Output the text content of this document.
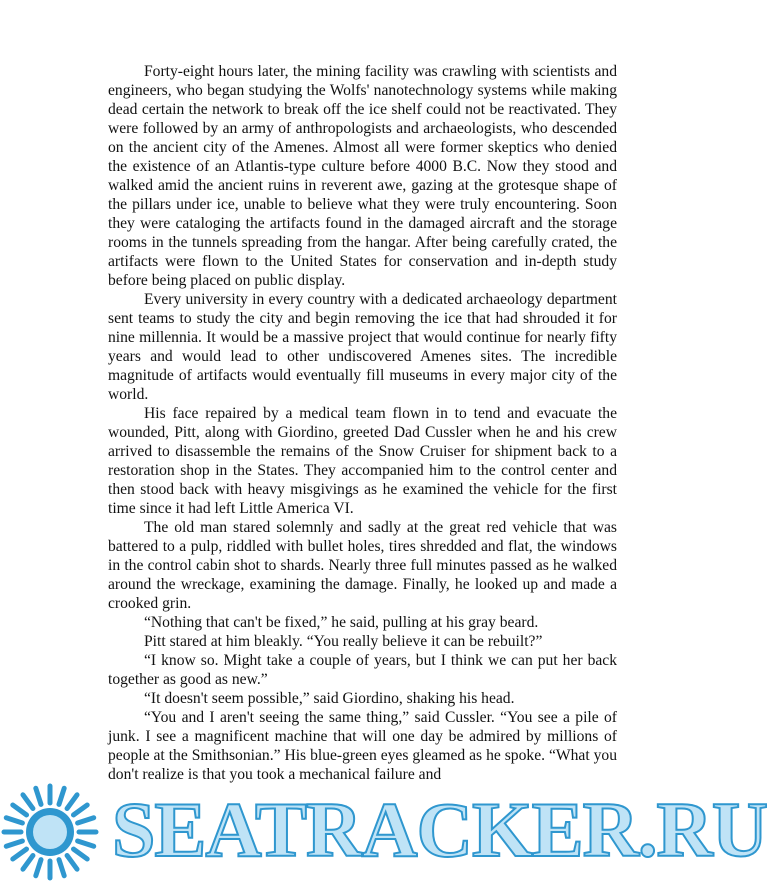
Forty-eight hours later, the mining facility was crawling with scientists and engineers, who began studying the Wolfs' nanotechnology systems while making dead certain the network to break off the ice shelf could not be reactivated. They were followed by an army of anthropologists and archaeologists, who descended on the ancient city of the Amenes. Almost all were former skeptics who denied the existence of an Atlantis-type culture before 4000 B.C. Now they stood and walked amid the ancient ruins in reverent awe, gazing at the grotesque shape of the pillars under ice, unable to believe what they were truly encountering. Soon they were cataloging the artifacts found in the damaged aircraft and the storage rooms in the tunnels spreading from the hangar. After being carefully crated, the artifacts were flown to the United States for conservation and in-depth study before being placed on public display.

Every university in every country with a dedicated archaeology department sent teams to study the city and begin removing the ice that had shrouded it for nine millennia. It would be a massive project that would continue for nearly fifty years and would lead to other undiscovered Amenes sites. The incredible magnitude of artifacts would eventually fill museums in every major city of the world.

His face repaired by a medical team flown in to tend and evacuate the wounded, Pitt, along with Giordino, greeted Dad Cussler when he and his crew arrived to disassemble the remains of the Snow Cruiser for shipment back to a restoration shop in the States. They accompanied him to the control center and then stood back with heavy misgivings as he examined the vehicle for the first time since it had left Little America VI.

The old man stared solemnly and sadly at the great red vehicle that was battered to a pulp, riddled with bullet holes, tires shredded and flat, the windows in the control cabin shot to shards. Nearly three full minutes passed as he walked around the wreckage, examining the damage. Finally, he looked up and made a crooked grin.

“Nothing that can't be fixed,” he said, pulling at his gray beard.

Pitt stared at him bleakly. “You really believe it can be rebuilt?”

“I know so. Might take a couple of years, but I think we can put her back together as good as new.”

“It doesn't seem possible,” said Giordino, shaking his head.

“You and I aren't seeing the same thing,” said Cussler. “You see a pile of junk. I see a magnificent machine that will one day be admired by millions of people at the Smithsonian.” His blue-green eyes gleamed as he spoke. “What you don't realize is that you took a mechanical failure and

SEATRACKER.RU
